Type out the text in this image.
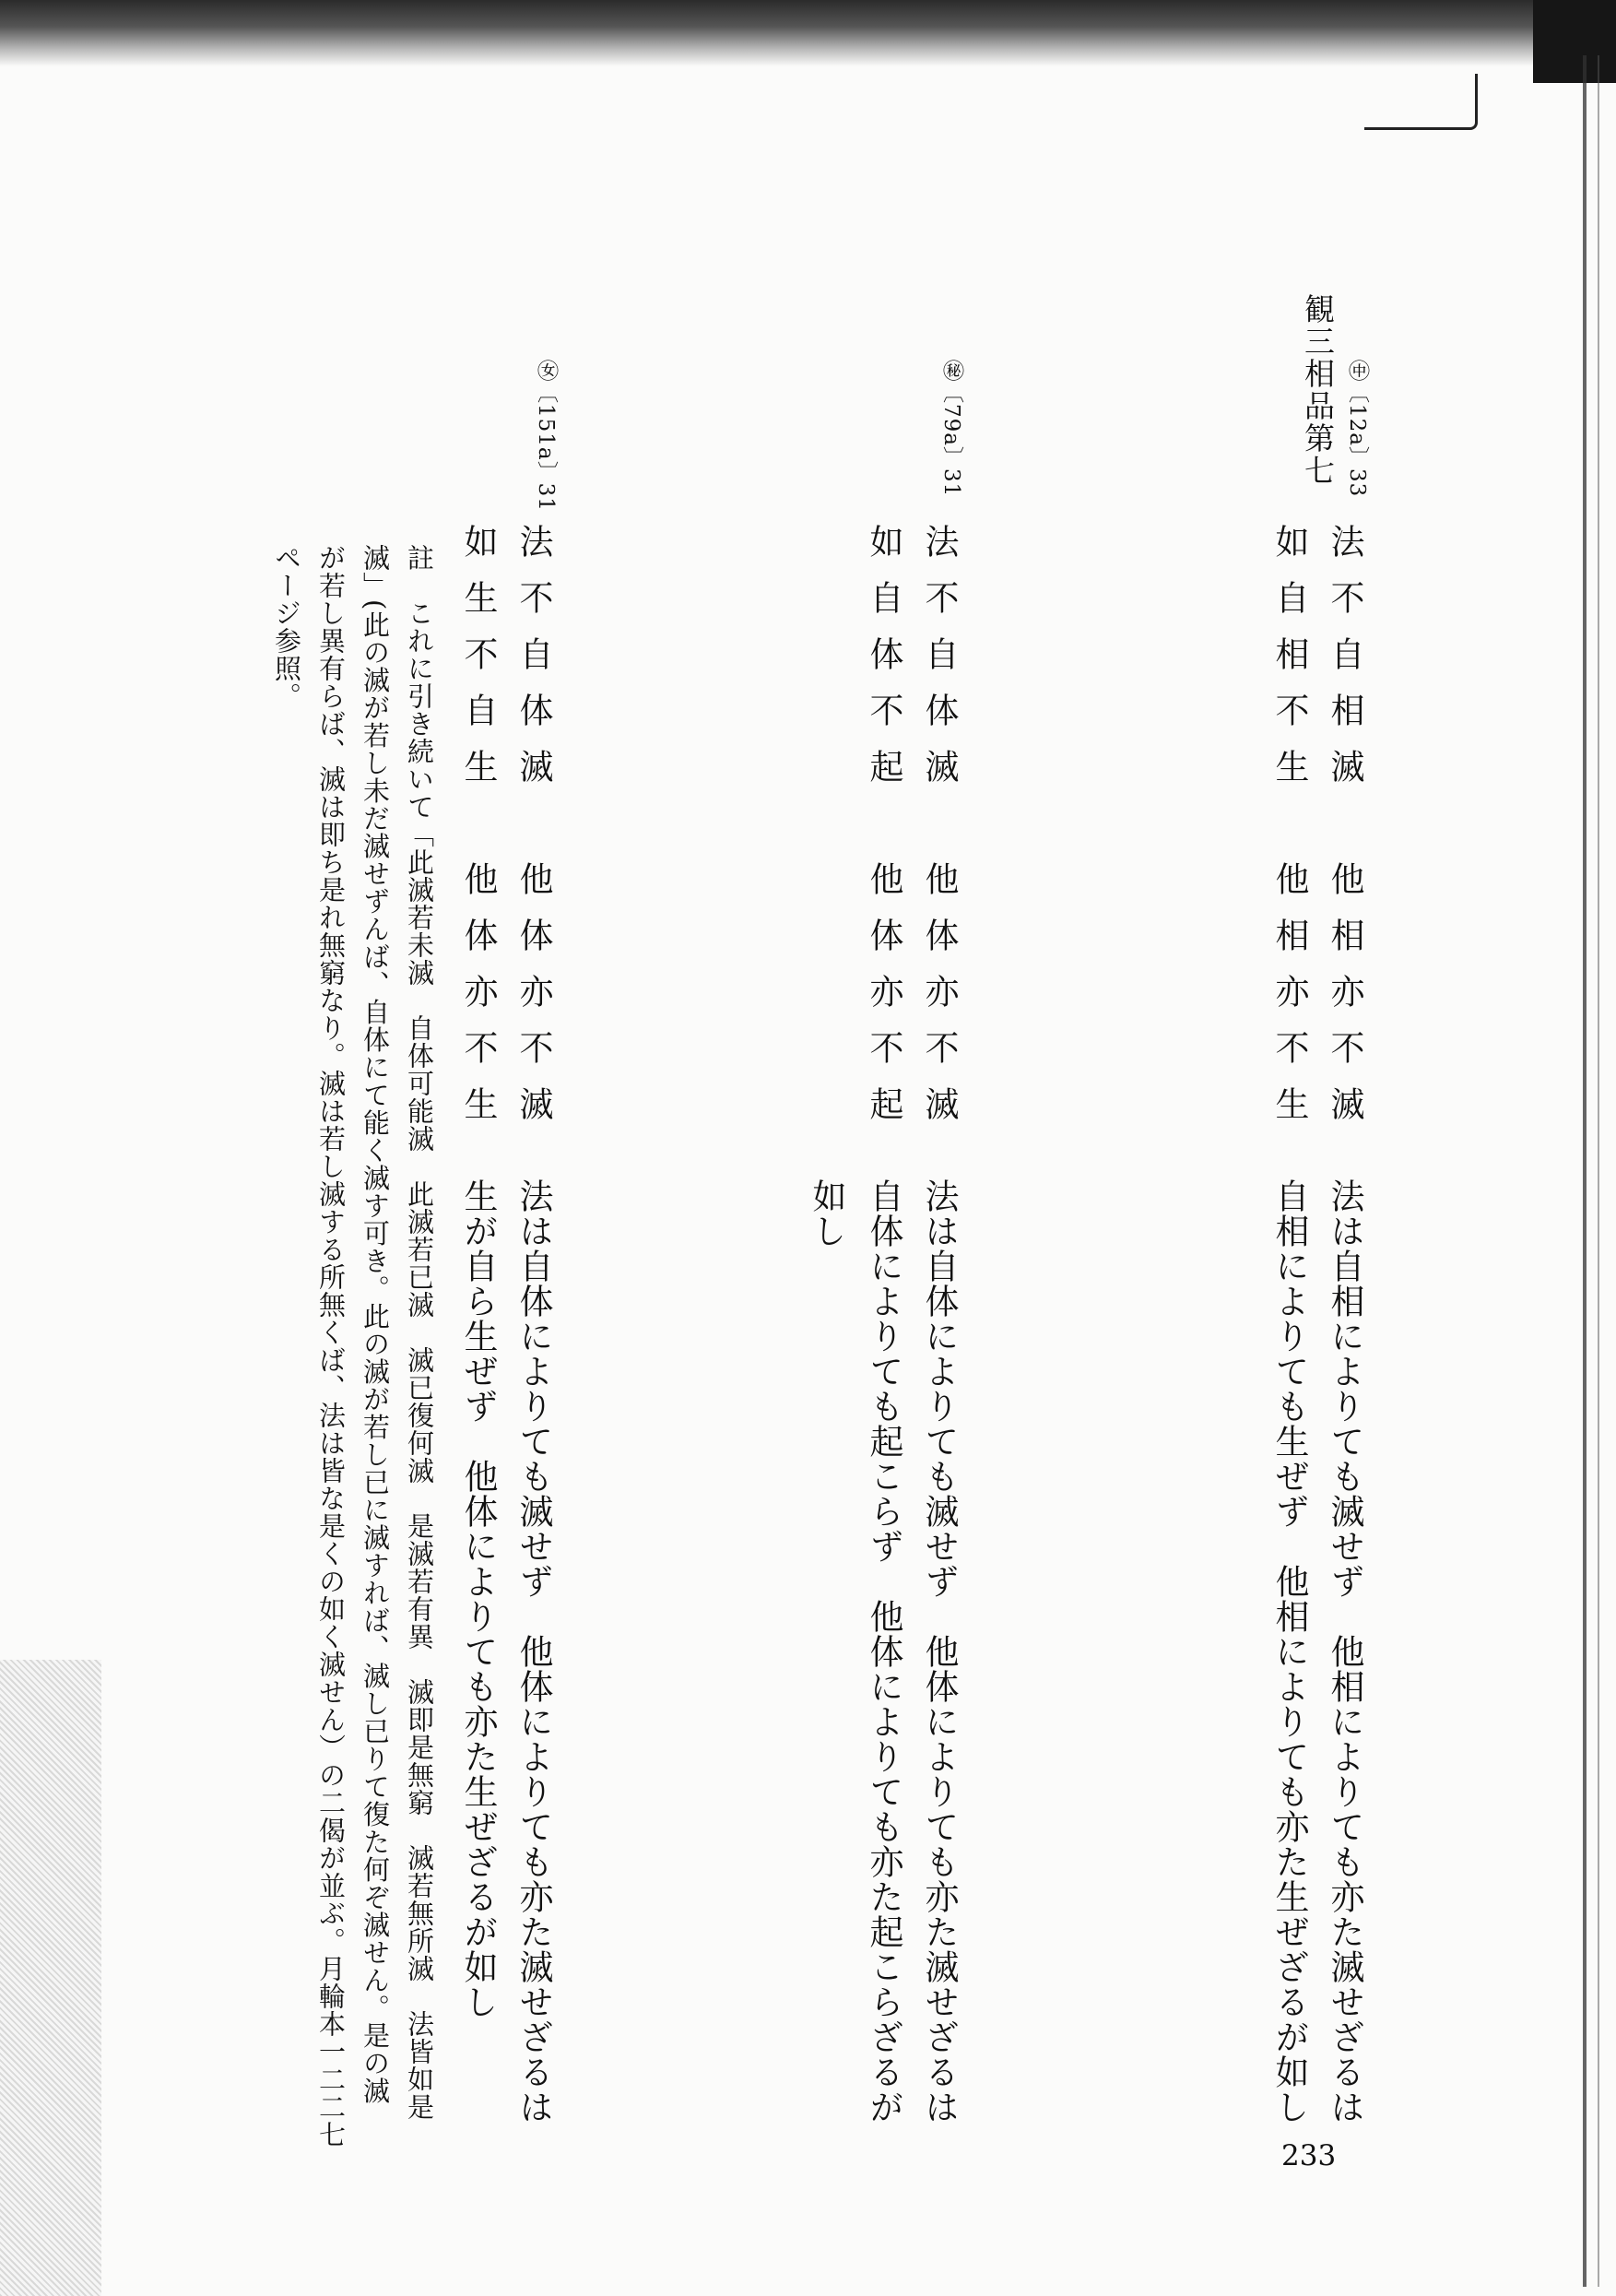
観三相品第七 ㊥〔12a〕33
法不自相滅　他相亦不滅
如自相不生　他相亦不生
法は自相によりても滅せず　他相によりても亦た滅せざるは
自相によりても生ぜず　他相によりても亦た生ぜざるが如し
㊙〔79a〕31
法不自体滅　他体亦不滅
如自体不起　他体亦不起
法は自体によりても滅せず　他体によりても亦た滅せざるは
自体によりても起こらず　他体によりても亦た起こらざるが
如し
㊛〔151a〕31
法不自体滅　他体亦不滅
如生不自生　他体亦不生
法は自体によりても滅せず　他体によりても亦た滅せざるは
生が自ら生ぜず　他体によりても亦た生ぜざるが如し
註　これに引き続いて「此滅若未滅　自体可能滅　此滅若已滅　滅已復何滅　是滅若有異　滅即是無窮　滅若無所滅　法皆如是
滅」(此の滅が若し未だ滅せずんば、自体にて能く滅す可き。此の滅が若し已に滅すれば、滅し已りて復た何ぞ滅せん。是の滅
が若し異有らば、滅は即ち是れ無窮なり。滅は若し滅する所無くば、法は皆な是くの如く滅せん）の二偈が並ぶ。月輪本一二二七
ページ参照。
233
